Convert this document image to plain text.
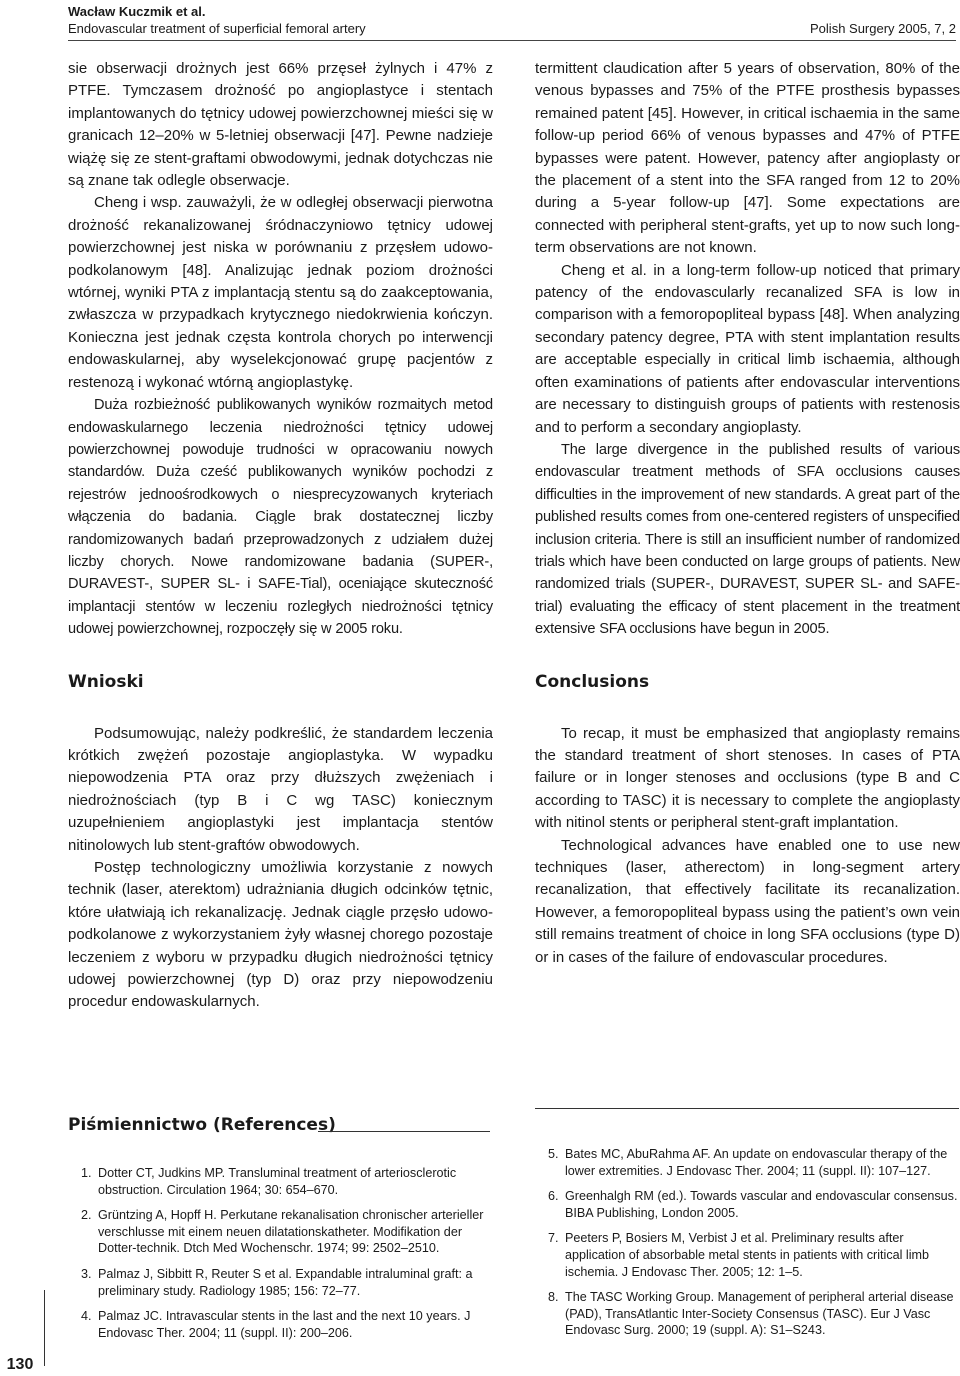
Wacław Kuczmik et al.
Endovascular treatment of superficial femoral artery	Polish Surgery 2005, 7, 2

sie obserwacji drożnych jest 66% przęseł żylnych i 47% z PTFE. Tymczasem drożność po angioplastyce i stentach implantowanych do tętnicy udowej powierzchownej mieści się w granicach 12–20% w 5-letniej obserwacji [47]. Pewne nadzieje wiążę się ze stent-graftami obwodowymi, jednak dotychczas nie są znane tak odlegle obserwacje.

Cheng i wsp. zauważyli, że w odległej obserwacji pierwotna drożność rekanalizowanej śródnaczyniowo tętnicy udowej powierzchownej jest niska w porównaniu z przęsłem udowo-podkolanowym [48]. Analizując jednak poziom drożności wtórnej, wyniki PTA z implantacją stentu są do zaakceptowania, zwłaszcza w przypadkach krytycznego niedokrwienia kończyn. Konieczna jest jednak częsta kontrola chorych po interwencji endowaskularnej, aby wyselekcjonować grupę pacjentów z restenozą i wykonać wtórną angioplastykę.

Duża rozbieżność publikowanych wyników rozmaitych metod endowaskularnego leczenia niedrożności tętnicy udowej powierzchownej powoduje trudności w opracowaniu nowych standardów. Duża cześć publikowanych wyników pochodzi z rejestrów jednoośrodkowych o niesprecyzowanych kryteriach włączenia do badania. Ciągle brak dostatecznej liczby randomizowanych badań przeprowadzonych z udziałem dużej liczby chorych. Nowe randomizowane badania (SUPER-, DURAVEST-, SUPER SL- i SAFE-Tial), oceniające skuteczność implantacji stentów w leczeniu rozległych niedrożności tętnicy udowej powierzchownej, rozpoczęły się w 2005 roku.

Wnioski

Podsumowując, należy podkreślić, że standardem leczenia krótkich zwężeń pozostaje angioplastyka. W wypadku niepowodzenia PTA oraz przy dłuższych zwężeniach i niedrożnościach (typ B i C wg TASC) koniecznym uzupełnieniem angioplastyki jest implantacja stentów nitinolowych lub stent-graftów obwodowych.

Postęp technologiczny umożliwia korzystanie z nowych technik (laser, aterektom) udrażniania długich odcinków tętnic, które ułatwiają ich rekanalizację. Jednak ciągle przęsło udowo-podkolanowe z wykorzystaniem żyły własnej chorego pozostaje leczeniem z wyboru w przypadku długich niedrożności tętnicy udowej powierzchownej (typ D) oraz przy niepowodzeniu procedur endowaskularnych.

termittent claudication after 5 years of observation, 80% of the venous bypasses and 75% of the PTFE prosthesis bypasses remained patent [45]. However, in critical ischaemia in the same follow-up period 66% of venous bypasses and 47% of PTFE bypasses were patent. However, patency after angioplasty or the placement of a stent into the SFA ranged from 12 to 20% during a 5-year follow-up [47]. Some expectations are connected with peripheral stent-grafts, yet up to now such long-term observations are not known.

Cheng et al. in a long-term follow-up noticed that primary patency of the endovascularly recanalized SFA is low in comparison with a femoropopliteal bypass [48]. When analyzing secondary patency degree, PTA with stent implantation results are acceptable especially in critical limb ischaemia, although often examinations of patients after endovascular interventions are necessary to distinguish groups of patients with restenosis and to perform a secondary angioplasty.

The large divergence in the published results of various endovascular treatment methods of SFA occlusions causes difficulties in the improvement of new standards. A great part of the published results comes from one-centered registers of unspecified inclusion criteria. There is still an insufficient number of randomized trials which have been conducted on large groups of patients. New randomized trials (SUPER-, DURAVEST, SUPER SL- and SAFE-trial) evaluating the efficacy of stent placement in the treatment extensive SFA occlusions have begun in 2005.

Conclusions

To recap, it must be emphasized that angioplasty remains the standard treatment of short stenoses. In cases of PTA failure or in longer stenoses and occlusions (type B and C according to TASC) it is necessary to complete the angioplasty with nitinol stents or peripheral stent-graft implantation.

Technological advances have enabled one to use new techniques (laser, atherectom) in long-segment artery recanalization, that effectively facilitate its recanalization. However, a femoropopliteal bypass using the patient’s own vein still remains treatment of choice in long SFA occlusions (type D) or in cases of the failure of endovascular procedures.

Piśmiennictwo (References)
1. Dotter CT, Judkins MP. Transluminal treatment of arteriosclerotic obstruction. Circulation 1964; 30: 654–670.
2. Grüntzing A, Hopff H. Perkutane rekanalisation chronischer arterieller verschlusse mit einem neuen dilatationskatheter. Modifikation der Dotter-technik. Dtch Med Wochenschr. 1974; 99: 2502–2510.
3. Palmaz J, Sibbitt R, Reuter S et al. Expandable intraluminal graft: a preliminary study. Radiology 1985; 156: 72–77.
4. Palmaz JC. Intravascular stents in the last and the next 10 years. J Endovasc Ther. 2004; 11 (suppl. II): 200–206.
5. Bates MC, AbuRahma AF. An update on endovascular therapy of the lower extremities. J Endovasc Ther. 2004; 11 (suppl. II): 107–127.
6. Greenhalgh RM (ed.). Towards vascular and endovascular consensus. BIBA Publishing, London 2005.
7. Peeters P, Bosiers M, Verbist J et al. Preliminary results after application of absorbable metal stents in patients with critical limb ischemia. J Endovasc Ther. 2005; 12: 1–5.
8. The TASC Working Group. Management of peripheral arterial disease (PAD), TransAtlantic Inter-Society Consensus (TASC). Eur J Vasc Endovasc Surg. 2000; 19 (suppl. A): S1–S243.
130
